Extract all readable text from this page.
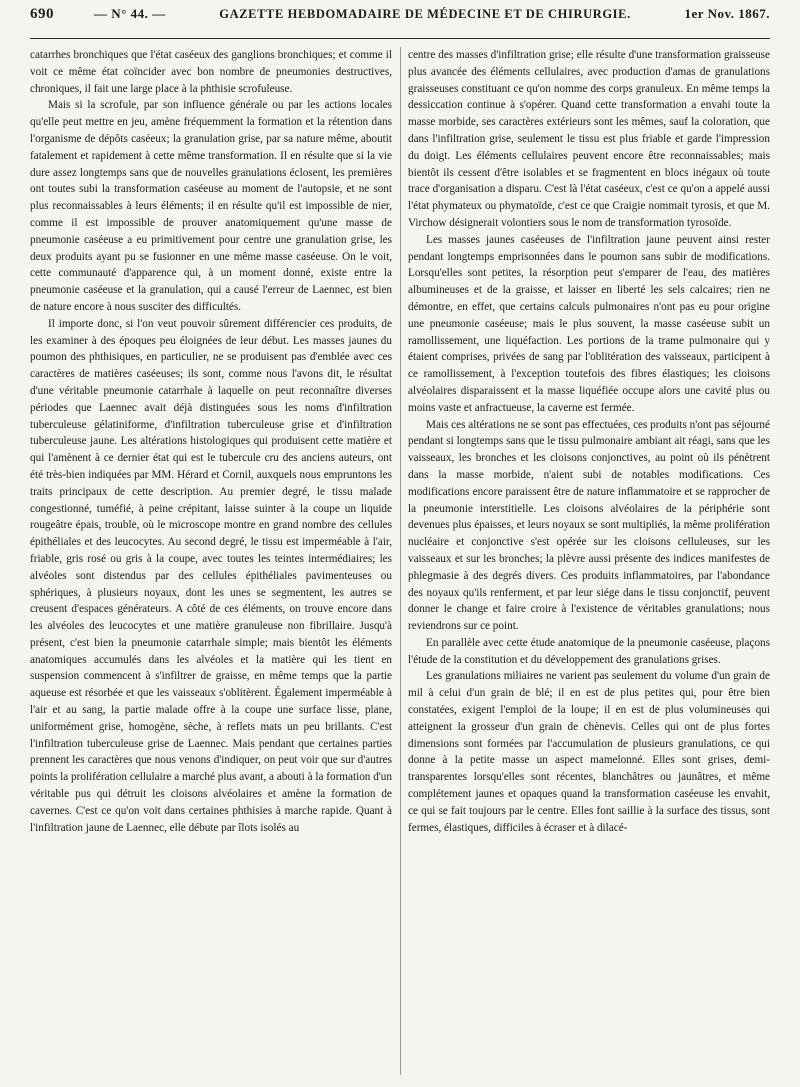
690	— N° 44. —	GAZETTE HEBDOMADAIRE DE MÉDECINE ET DE CHIRURGIE.	1er Nov. 1867.

catarrhes bronchiques que l'état caséeux des ganglions bronchiques; et comme il voit ce même état coïncider avec bon nombre de pneumonies destructives, chroniques, il fait une large place à la phthisie scrofuleuse.

Mais si la scrofule, par son influence générale ou par les actions locales qu'elle peut mettre en jeu, amène fréquemment la formation et la rétention dans l'organisme de dépôts caséeux; la granulation grise, par sa nature même, aboutit fatalement et rapidement à cette même transformation. Il en résulte que si la vie dure assez longtemps sans que de nouvelles granulations éclosent, les premières ont toutes subi la transformation caséeuse au moment de l'autopsie, et ne sont plus reconnaissables à leurs éléments; il en résulte qu'il est impossible de nier, comme il est impossible de prouver anatomiquement qu'une masse de pneumonie caséeuse a eu primitivement pour centre une granulation grise, les deux produits ayant pu se fusionner en une même masse caséeuse. On le voit, cette communauté d'apparence qui, à un moment donné, existe entre la pneumonie caséeuse et la granulation, qui a causé l'erreur de Laennec, est bien de nature encore à nous susciter des difficultés.

Il importe donc, si l'on veut pouvoir sûrement différencier ces produits, de les examiner à des époques peu éloignées de leur début. Les masses jaunes du poumon des phthisiques, en particulier, ne se produisent pas d'emblée avec ces caractères de matières caséeuses; ils sont, comme nous l'avons dit, le résultat d'une véritable pneumonie catarrhale à laquelle on peut reconnaître diverses périodes que Laennec avait déjà distinguées sous les noms d'infiltration tuberculeuse gélatiniforme, d'infiltration tuberculeuse grise et d'infiltration tuberculeuse jaune. Les altérations histologiques qui produisent cette matière et qui l'amènent à ce dernier état qui est le tubercule cru des anciens auteurs, ont été très-bien indiquées par MM. Hérard et Cornil, auxquels nous empruntons les traits principaux de cette description. Au premier degré, le tissu malade congestionné, tuméfié, à peine crépitant, laisse suinter à la coupe un liquide rougeâtre épais, trouble, où le microscope montre en grand nombre des cellules épithéliales et des leucocytes. Au second degré, le tissu est imperméable à l'air, friable, gris rosé ou gris à la coupe, avec toutes les teintes intermédiaires; les alvéoles sont distendus par des cellules épithéliales pavimenteuses ou sphériques, à plusieurs noyaux, dont les unes se segmentent, les autres se creusent d'espaces générateurs. A côté de ces éléments, on trouve encore dans les alvéoles des leucocytes et une matière granuleuse non fibrillaire. Jusqu'à présent, c'est bien la pneumonie catarrhale simple; mais bientôt les éléments anatomiques accumulés dans les alvéoles et la matière qui les tient en suspension commencent à s'infiltrer de graisse, en même temps que la partie aqueuse est résorbée et que les vaisseaux s'oblitèrent. Également imperméable à l'air et au sang, la partie malade offre à la coupe une surface lisse, plane, uniformément grise, homogène, sèche, à reflets mats un peu brillants. C'est l'infiltration tuberculeuse grise de Laennec. Mais pendant que certaines parties prennent les caractères que nous venons d'indiquer, on peut voir que sur d'autres points la prolifération cellulaire a marché plus avant, a abouti à la formation d'un véritable pus qui détruit les cloisons alvéolaires et amène la formation de cavernes. C'est ce qu'on voit dans certaines phthisies à marche rapide. Quant à l'infiltration jaune de Laennec, elle débute par îlots isolés au

centre des masses d'infiltration grise; elle résulte d'une transformation graisseuse plus avancée des éléments cellulaires, avec production d'amas de granulations graisseuses constituant ce qu'on nomme des corps granuleux. En même temps la dessiccation continue à s'opérer. Quand cette transformation a envahi toute la masse morbide, ses caractères extérieurs sont les mêmes, sauf la coloration, que dans l'infiltration grise, seulement le tissu est plus friable et garde l'impression du doigt. Les éléments cellulaires peuvent encore être reconnaissables; mais bientôt ils cessent d'être isolables et se fragmentent en blocs inégaux où toute trace d'organisation a disparu. C'est là l'état caséeux, c'est ce qu'on a appelé aussi l'état phymateux ou phymatoïde, c'est ce que Craigie nommait tyrosis, et que M. Virchow désignerait volontiers sous le nom de transformation tyrosoïde.

Les masses jaunes caséeuses de l'infiltration jaune peuvent ainsi rester pendant longtemps emprisonnées dans le poumon sans subir de modifications. Lorsqu'elles sont petites, la résorption peut s'emparer de l'eau, des matières albumineuses et de la graisse, et laisser en liberté les sels calcaires; rien ne démontre, en effet, que certains calculs pulmonaires n'ont pas eu pour origine une pneumonie caséeuse; mais le plus souvent, la masse caséeuse subit un ramollissement, une liquéfaction. Les portions de la trame pulmonaire qui y étaient comprises, privées de sang par l'oblitération des vaisseaux, participent à ce ramollissement, à l'exception toutefois des fibres élastiques; les cloisons alvéolaires disparaissent et la masse liquéfiée occupe alors une cavité plus ou moins vaste et anfractueuse, la caverne est fermée.

Mais ces altérations ne se sont pas effectuées, ces produits n'ont pas séjourné pendant si longtemps sans que le tissu pulmonaire ambiant ait réagi, sans que les vaisseaux, les bronches et les cloisons conjonctives, au point où ils pénètrent dans la masse morbide, n'aient subi de notables modifications. Ces modifications encore paraissent être de nature inflammatoire et se rapprocher de la pneumonie interstitielle. Les cloisons alvéolaires de la périphérie sont devenues plus épaisses, et leurs noyaux se sont multipliés, la même prolifération nucléaire et conjonctive s'est opérée sur les cloisons celluleuses, sur les vaisseaux et sur les bronches; la plèvre aussi présente des indices manifestes de phlegmasie à des degrés divers. Ces produits inflammatoires, par l'abondance des noyaux qu'ils renferment, et par leur siége dans le tissu conjonctif, peuvent donner le change et faire croire à l'existence de véritables granulations; nous reviendrons sur ce point.

En parallèle avec cette étude anatomique de la pneumonie caséeuse, plaçons l'étude de la constitution et du développement des granulations grises.

Les granulations miliaires ne varient pas seulement du volume d'un grain de mil à celui d'un grain de blé; il en est de plus petites qui, pour être bien constatées, exigent l'emploi de la loupe; il en est de plus volumineuses qui atteignent la grosseur d'un grain de chènevis. Celles qui ont de plus fortes dimensions sont formées par l'accumulation de plusieurs granulations, ce qui donne à la petite masse un aspect mamelonné. Elles sont grises, demi-transparentes lorsqu'elles sont récentes, blanchâtres ou jaunâtres, et même complétement jaunes et opaques quand la transformation caséeuse les envahit, ce qui se fait toujours par le centre. Elles font saillie à la surface des tissus, sont fermes, élastiques, difficiles à écraser et à dilacé-
